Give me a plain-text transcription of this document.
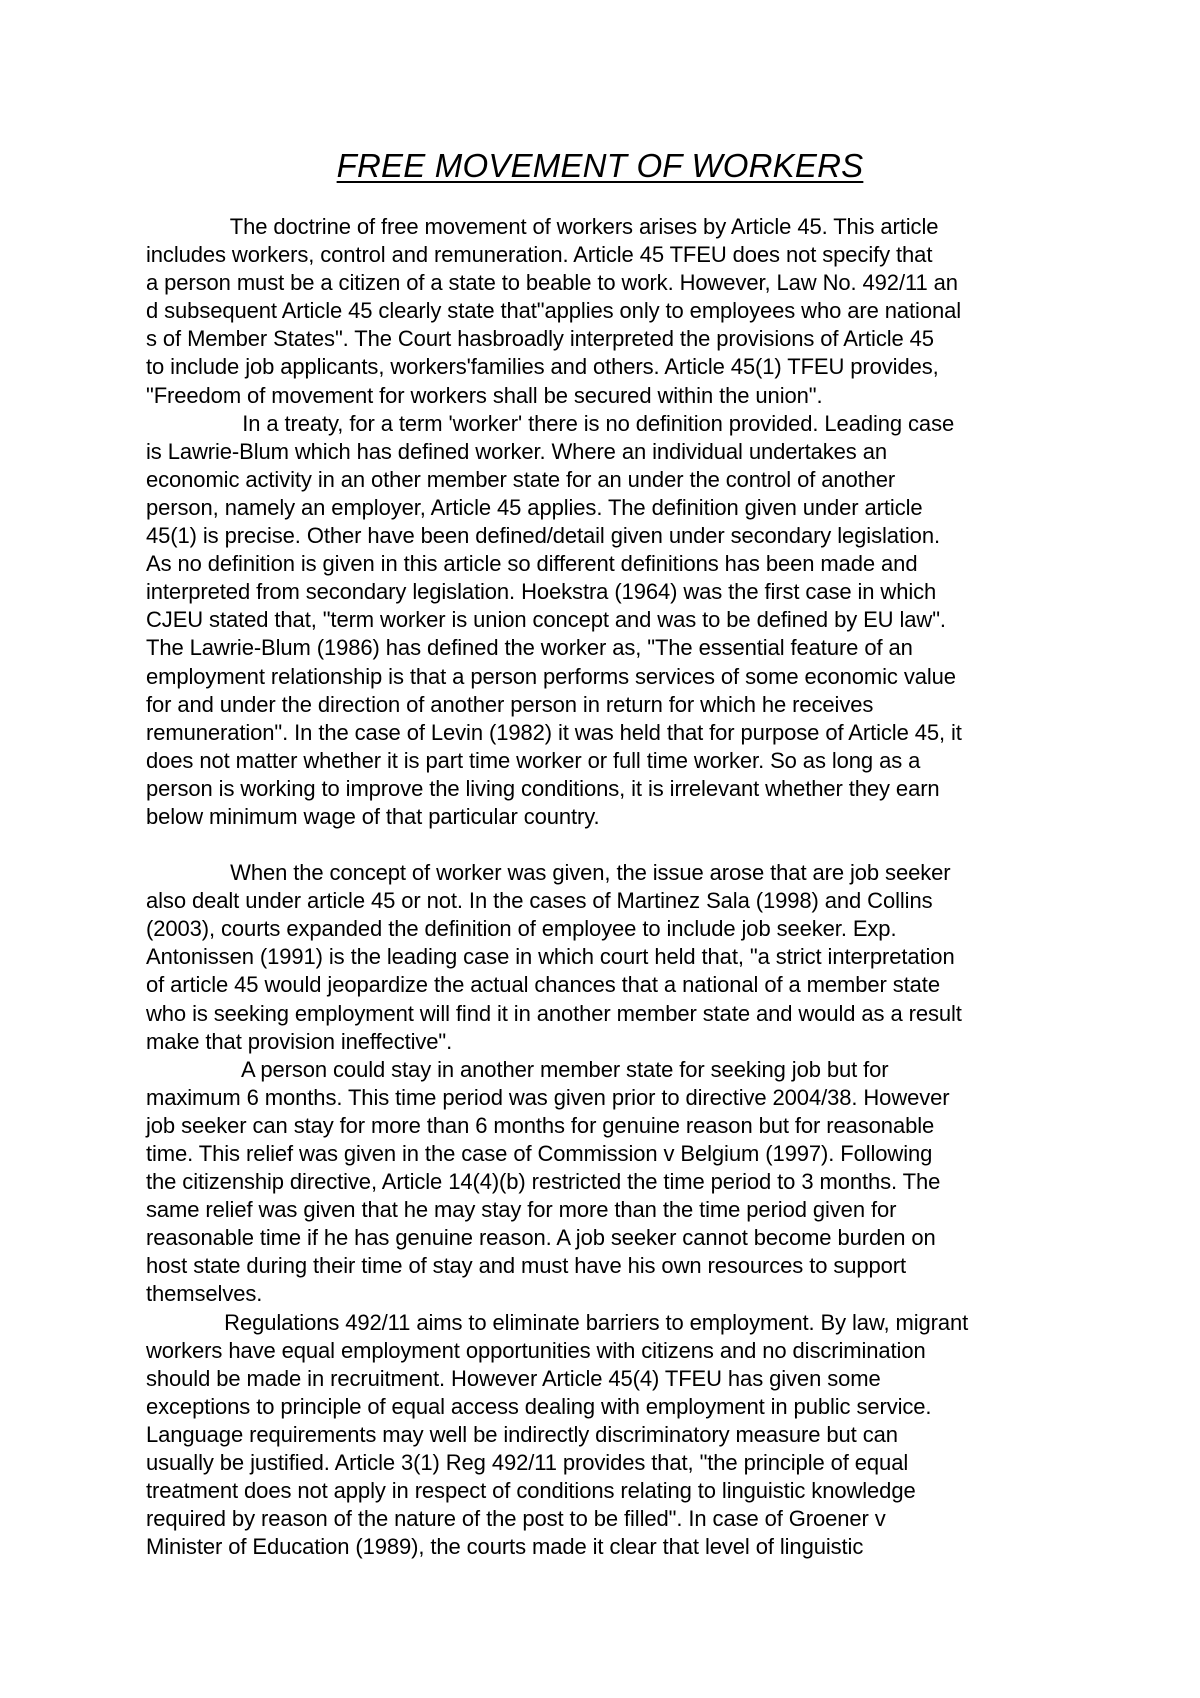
FREE MOVEMENT OF WORKERS
The doctrine of free movement of workers arises by Article 45. This article
includes workers, control and remuneration. Article 45 TFEU does not specify that
a person must be a citizen of a state to beable to work. However, Law No. 492/11 an
d subsequent Article 45 clearly state that"applies only to employees who are national
s of Member States". The Court hasbroadly interpreted the provisions of Article 45
to include job applicants, workers'families and others. Article 45(1) TFEU provides,
"Freedom of movement for workers shall be secured within the union".
In a treaty, for a term 'worker' there is no definition provided. Leading case
is Lawrie-Blum which has defined worker. Where an individual undertakes an
economic activity in an other member state for an under the control of another
person, namely an employer, Article 45 applies. The definition given under article
45(1) is precise. Other have been defined/detail given under secondary legislation.
As no definition is given in this article so different definitions has been made and
interpreted from secondary legislation. Hoekstra (1964) was the first case in which
CJEU stated that, "term worker is union concept and was to be defined by EU law".
The Lawrie-Blum (1986) has defined the worker as, "The essential feature of an
employment relationship is that a person performs services of some economic value
for and under the direction of another person in return for which he receives
remuneration". In the case of Levin (1982) it was held that for purpose of Article 45, it
does not matter whether it is part time worker or full time worker. So as long as a
person is working to improve the living conditions, it is irrelevant whether they earn
below minimum wage of that particular country.
When the concept of worker was given, the issue arose that are job seeker
also dealt under article 45 or not. In the cases of Martinez Sala (1998) and Collins
(2003), courts expanded the definition of employee to include job seeker. Exp.
Antonissen (1991) is the leading case in which court held that, "a strict interpretation
of article 45 would jeopardize the actual chances that a national of a member state
who is seeking employment will find it in another member state and would as a result
make that provision ineffective".
A person could stay in another member state for seeking job but for
maximum 6 months. This time period was given prior to directive 2004/38. However
job seeker can stay for more than 6 months for genuine reason but for reasonable
time. This relief was given in the case of Commission v Belgium (1997). Following
the citizenship directive, Article 14(4)(b) restricted the time period to 3 months. The
same relief was given that he may stay for more than the time period given for
reasonable time if he has genuine reason. A job seeker cannot become burden on
host state during their time of stay and must have his own resources to support
themselves.
Regulations 492/11 aims to eliminate barriers to employment. By law, migrant
workers have equal employment opportunities with citizens and no discrimination
should be made in recruitment. However Article 45(4) TFEU has given some
exceptions to principle of equal access dealing with employment in public service.
Language requirements may well be indirectly discriminatory measure but can
usually be justified. Article 3(1) Reg 492/11 provides that, "the principle of equal
treatment does not apply in respect of conditions relating to linguistic knowledge
required by reason of the nature of the post to be filled". In case of Groener v
Minister of Education (1989), the courts made it clear that level of linguistic
